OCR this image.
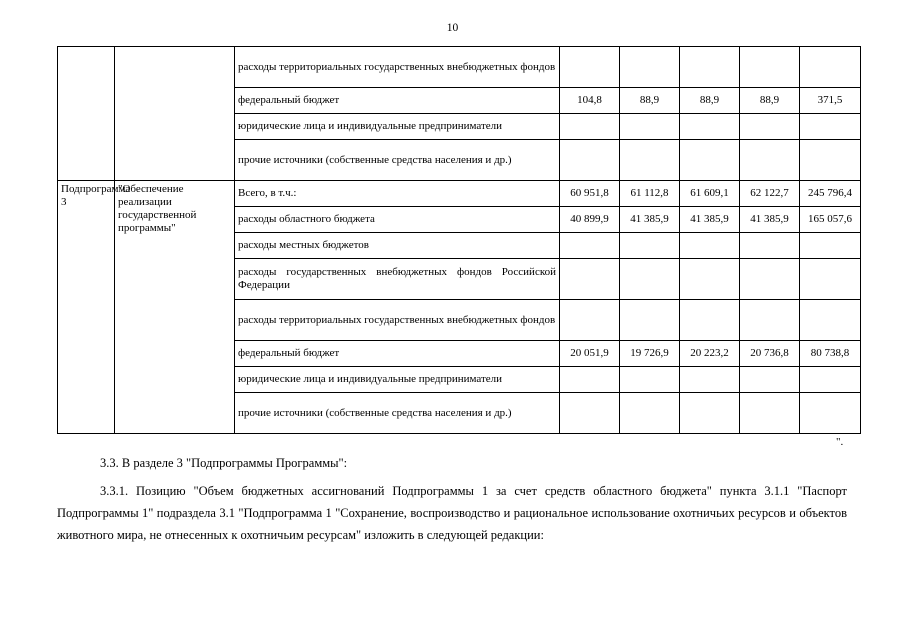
10
		расходы территориальных государственных внебюджетных фондов					
		федеральный бюджет	104,8	88,9	88,9	88,9	371,5
		юридические лица и индивидуальные предприниматели					
		прочие источники (собственные средства населения и др.)					
Подпрограмма 3	"Обеспечение реализации государственной программы"	Всего, в т.ч.:	60 951,8	61 112,8	61 609,1	62 122,7	245 796,4
		расходы областного бюджета	40 899,9	41 385,9	41 385,9	41 385,9	165 057,6
		расходы местных бюджетов					
		расходы государственных внебюджетных фондов Российской Федерации					
		расходы территориальных государственных внебюджетных фондов					
		федеральный бюджет	20 051,9	19 726,9	20 223,2	20 736,8	80 738,8
		юридические лица и индивидуальные предприниматели					
		прочие источники (собственные средства населения и др.)					
".
3.3. В разделе 3 "Подпрограммы Программы":
3.3.1. Позицию "Объем бюджетных ассигнований Подпрограммы 1 за счет средств областного бюджета" пункта 3.1.1 "Паспорт Подпрограммы 1" подраздела 3.1 "Подпрограмма 1 "Сохранение, воспроизводство и рациональное использование охотничьих ресурсов и объектов животного мира, не отнесенных к охотничьим ресурсам" изложить в следующей редакции:
